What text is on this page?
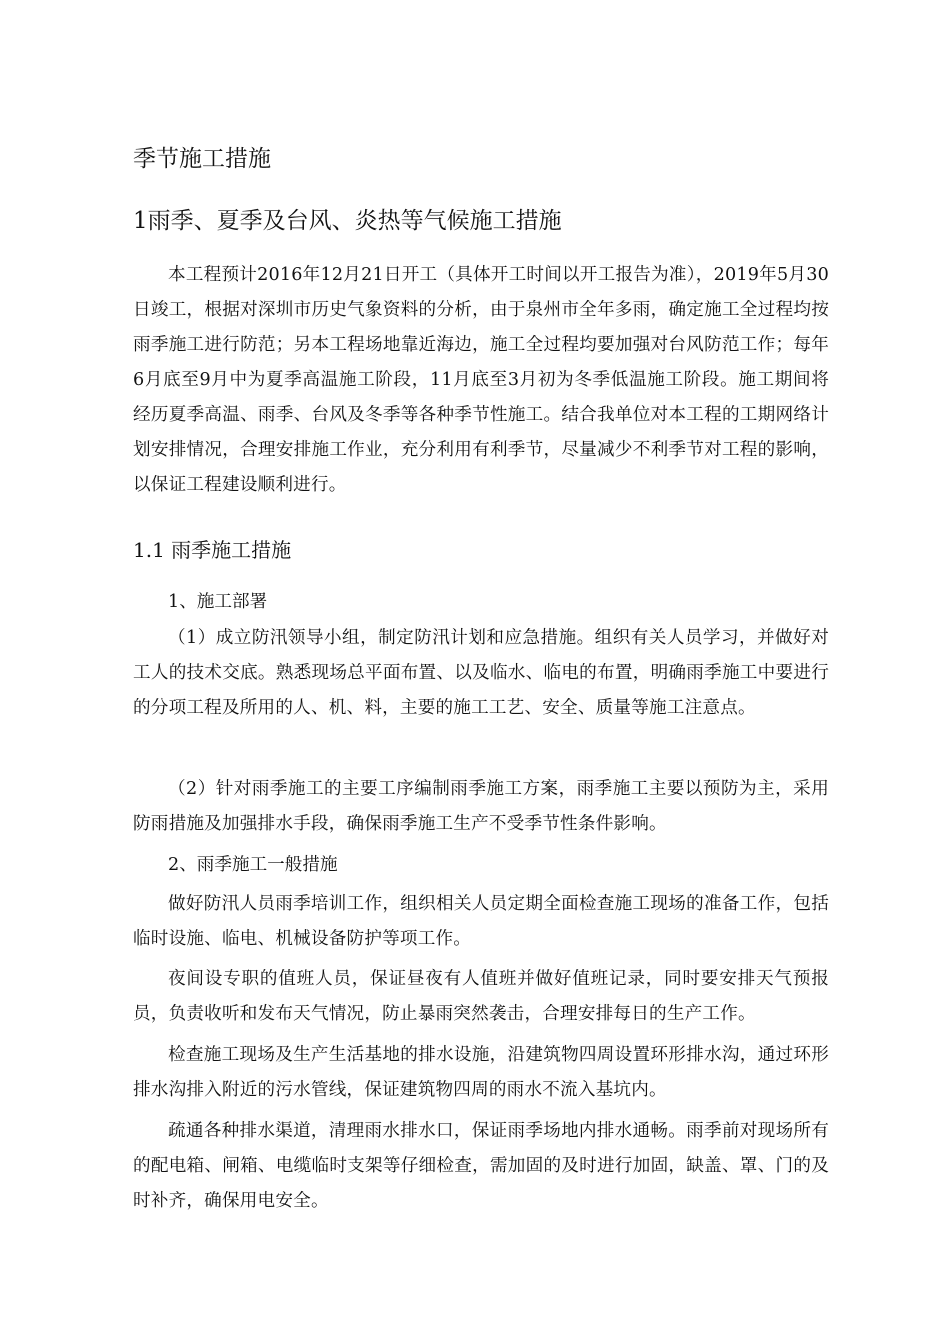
季节施工措施
1雨季、夏季及台风、炎热等气候施工措施

本工程预计2016年12月21日开工（具体开工时间以开工报告为准），2019年5月30日竣工，根据对深圳市历史气象资料的分析，由于泉州市全年多雨，确定施工全过程均按雨季施工进行防范；另本工程场地靠近海边，施工全过程均要加强对台风防范工作；每年6月底至9月中为夏季高温施工阶段，11月底至3月初为冬季低温施工阶段。施工期间将经历夏季高温、雨季、台风及冬季等各种季节性施工。结合我单位对本工程的工期网络计划安排情况，合理安排施工作业，充分利用有利季节，尽量减少不利季节对工程的影响，以保证工程建设顺利进行。

1.1 雨季施工措施

1、施工部署

（1）成立防汛领导小组，制定防汛计划和应急措施。组织有关人员学习，并做好对工人的技术交底。熟悉现场总平面布置、以及临水、临电的布置，明确雨季施工中要进行的分项工程及所用的人、机、料，主要的施工工艺、安全、质量等施工注意点。

（2）针对雨季施工的主要工序编制雨季施工方案，雨季施工主要以预防为主，采用防雨措施及加强排水手段，确保雨季施工生产不受季节性条件影响。

2、雨季施工一般措施

做好防汛人员雨季培训工作，组织相关人员定期全面检查施工现场的准备工作，包括临时设施、临电、机械设备防护等项工作。

夜间设专职的值班人员，保证昼夜有人值班并做好值班记录，同时要安排天气预报员，负责收听和发布天气情况，防止暴雨突然袭击，合理安排每日的生产工作。

检查施工现场及生产生活基地的排水设施，沿建筑物四周设置环形排水沟，通过环形排水沟排入附近的污水管线，保证建筑物四周的雨水不流入基坑内。

疏通各种排水渠道，清理雨水排水口，保证雨季场地内排水通畅。雨季前对现场所有的配电箱、闸箱、电缆临时支架等仔细检查，需加固的及时进行加固，缺盖、罩、门的及时补齐，确保用电安全。
